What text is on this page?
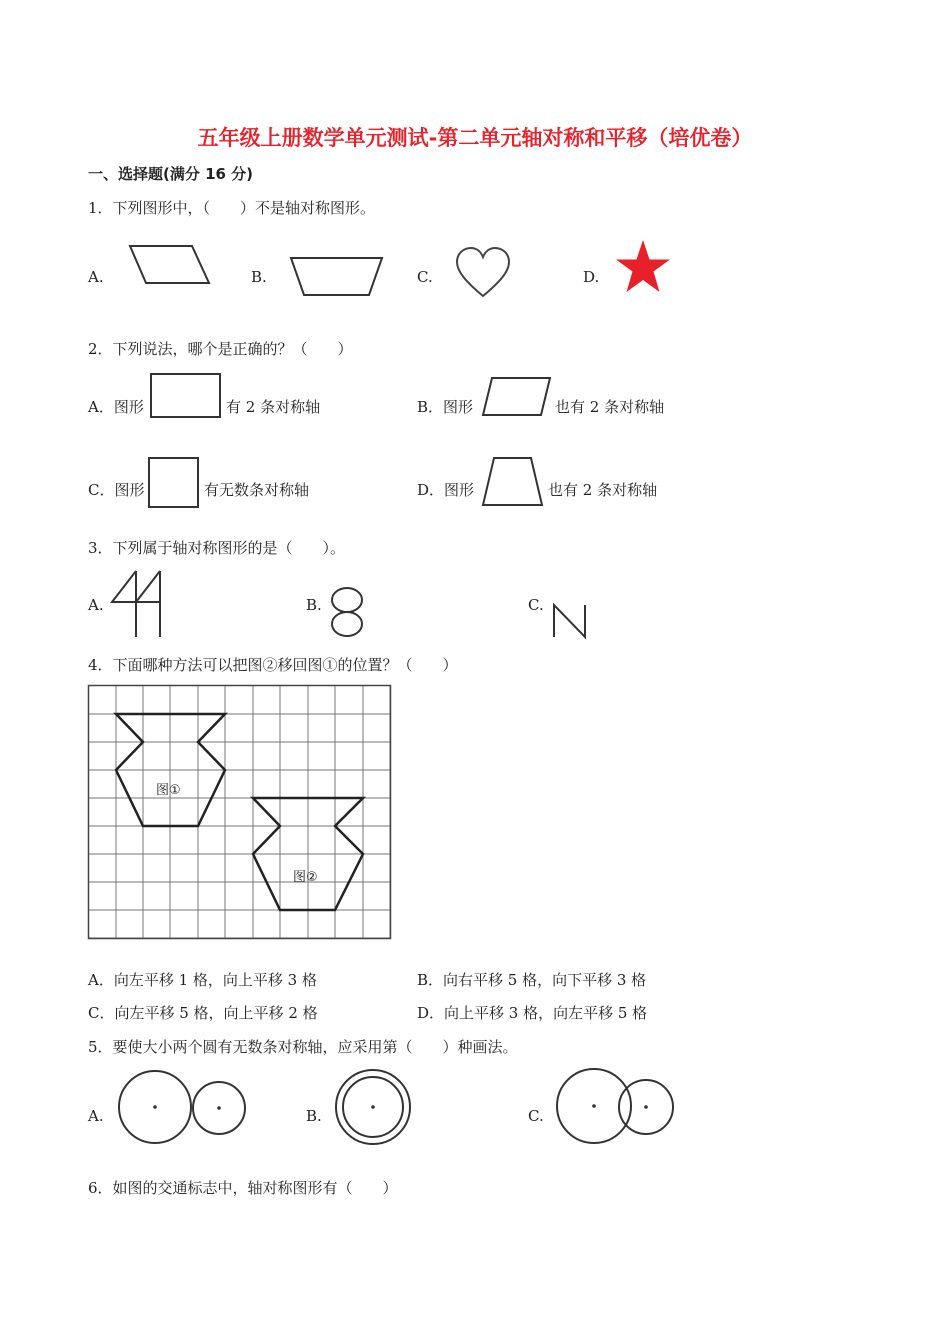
五年级上册数学单元测试-第二单元轴对称和平移（培优卷）
一、选择题(满分 16 分)
1．下列图形中，（　　）不是轴对称图形。
A.	B.	C.	D.
2．下列说法，哪个是正确的？（　　）
A．图形	有 2 条对称轴	B．图形	也有 2 条对称轴
C．图形	有无数条对称轴	D．图形	也有 2 条对称轴
3．下列属于轴对称图形的是（　　）。
A.	B.	C.
4．下面哪种方法可以把图②移回图①的位置？（　　）
图①
图②
A．向左平移 1 格，向上平移 3 格	B．向右平移 5 格，向下平移 3 格
C．向左平移 5 格，向上平移 2 格	D．向上平移 3 格，向左平移 5 格
5．要使大小两个圆有无数条对称轴，应采用第（　　）种画法。
A.	B.	C.
6．如图的交通标志中，轴对称图形有（　　）
